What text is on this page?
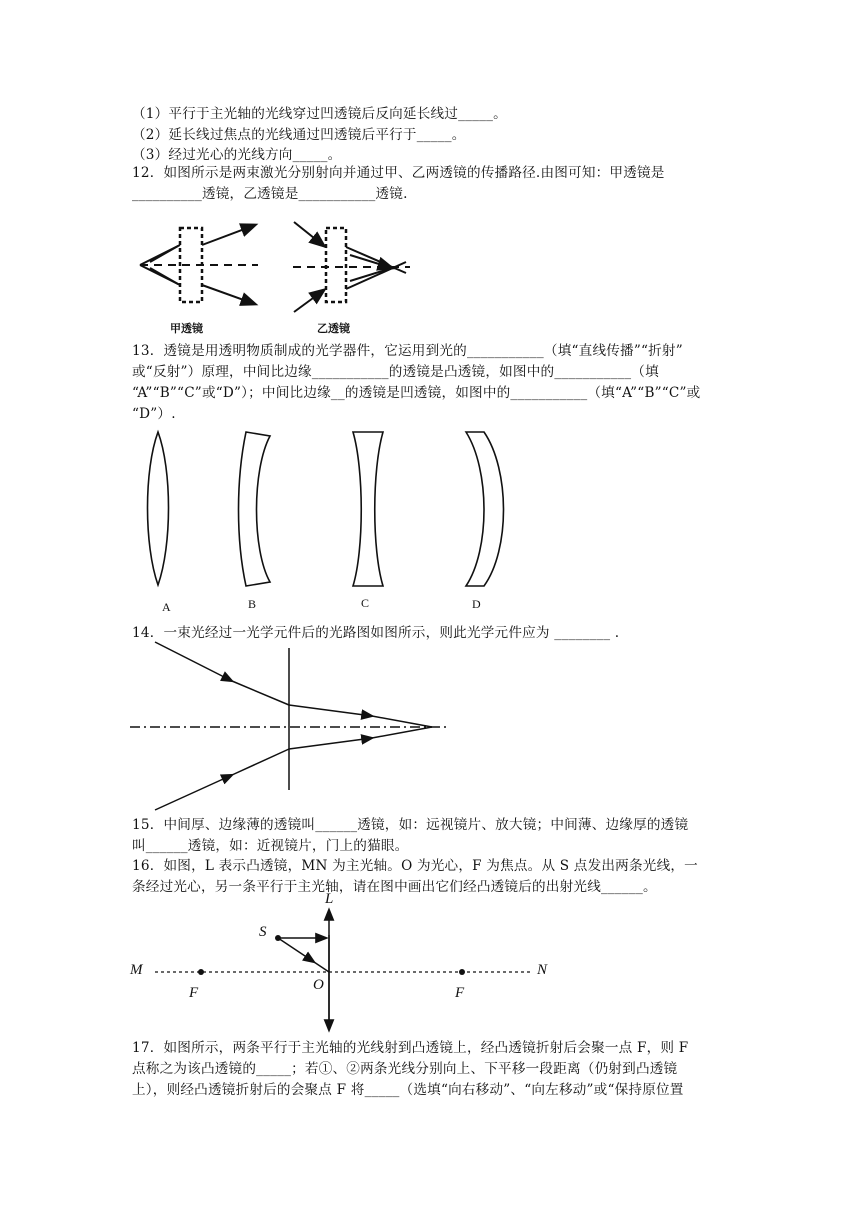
（1）平行于主光轴的光线穿过凹透镜后反向延长线过_____。
（2）延长线过焦点的光线通过凹透镜后平行于_____。
（3）经过光心的光线方向_____。
12．如图所示是两束激光分别射向并通过甲、乙两透镜的传播路径.由图可知：甲透镜是
__________透镜，乙透镜是___________透镜.
甲透镜	乙透镜
13．透镜是用透明物质制成的光学器件，它运用到光的___________（填“直线传播”“折射”
或“反射”）原理，中间比边缘___________的透镜是凸透镜，如图中的___________（填
“A”“B”“C”或“D”）；中间比边缘__的透镜是凹透镜，如图中的___________（填“A”“B”“C”或
“D”）.
A	B	C	D
14．一束光经过一光学元件后的光路图如图所示，则此光学元件应为 ________ .
15．中间厚、边缘薄的透镜叫______透镜，如：远视镜片、放大镜；中间薄、边缘厚的透镜
叫______透镜，如：近视镜片，门上的猫眼。
16．如图，L 表示凸透镜，MN 为主光轴。O 为光心，F 为焦点。从 S 点发出两条光线，一
条经过光心，另一条平行于主光轴，请在图中画出它们经凸透镜后的出射光线______。
L
S
M	N
O
F	F
17．如图所示，两条平行于主光轴的光线射到凸透镜上，经凸透镜折射后会聚一点 F，则 F
点称之为该凸透镜的_____；若①、②两条光线分别向上、下平移一段距离（仍射到凸透镜
上），则经凸透镜折射后的会聚点 F 将_____（选填“向右移动”、“向左移动”或“保持原位置
